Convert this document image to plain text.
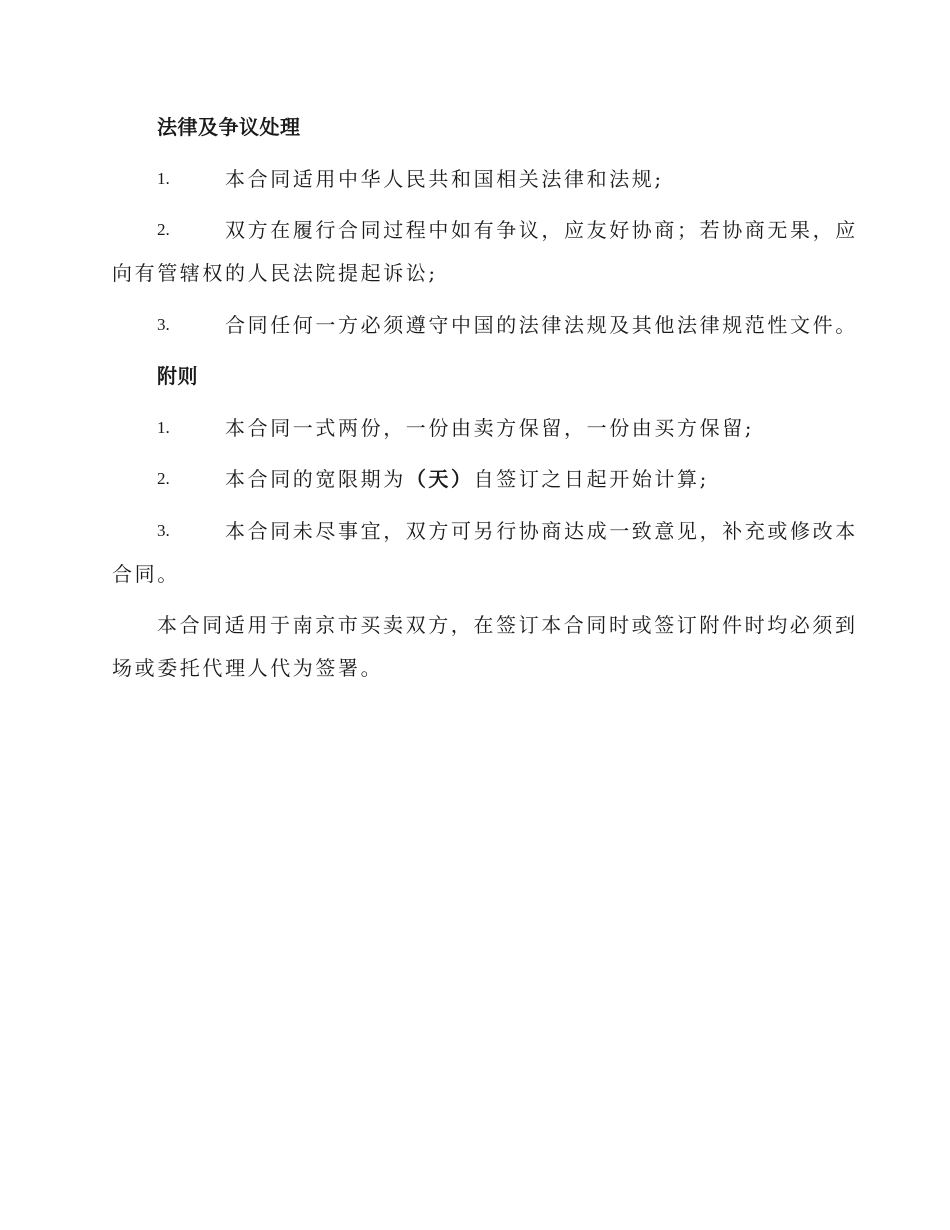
法律及争议处理
1.	本合同适用中华人民共和国相关法律和法规;
2.	双方在履行合同过程中如有争议，应友好协商；若协商无果，应
向有管辖权的人民法院提起诉讼;
3.	合同任何一方必须遵守中国的法律法规及其他法律规范性文件。
附则
1.	本合同一式两份，一份由卖方保留，一份由买方保留;
2.	本合同的宽限期为（天）自签订之日起开始计算;
3.	本合同未尽事宜，双方可另行协商达成一致意见，补充或修改本
合同。
本合同适用于南京市买卖双方，在签订本合同时或签订附件时均必须到
场或委托代理人代为签署。
